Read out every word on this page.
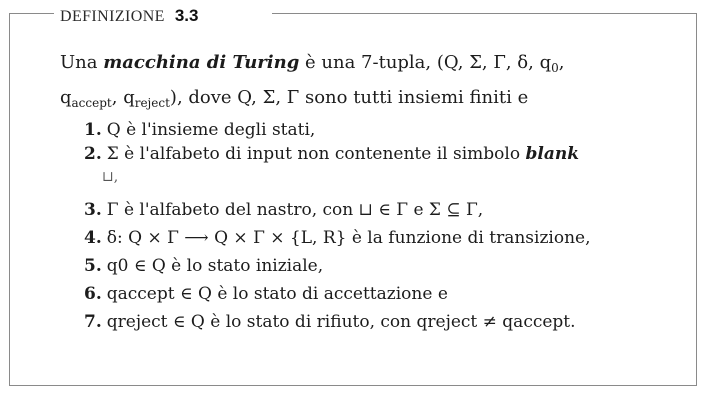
DEFINIZIONE 3.3

Una macchina di Turing è una 7-tupla, (Q, Σ, Γ, δ, $q_0$,

$q_{accept}$, $q_{reject}$), dove Q, Σ, Γ sono tutti insiemi finiti e

1. Q è l'insieme degli stati,
2. Σ è l'alfabeto di input non contenente il simbolo blank
⊔,
3. Γ è l'alfabeto del nastro, con ⊔ ∈ Γ e Σ ⊆ Γ,
4. δ: Q × Γ ⟶ Q × Γ × {L, R} è la funzione di transizione,
5. q0 ∈ Q è lo stato iniziale,
6. qaccept ∈ Q è lo stato di accettazione e
7. qreject ∈ Q è lo stato di rifiuto, con qreject ≠ qaccept.
